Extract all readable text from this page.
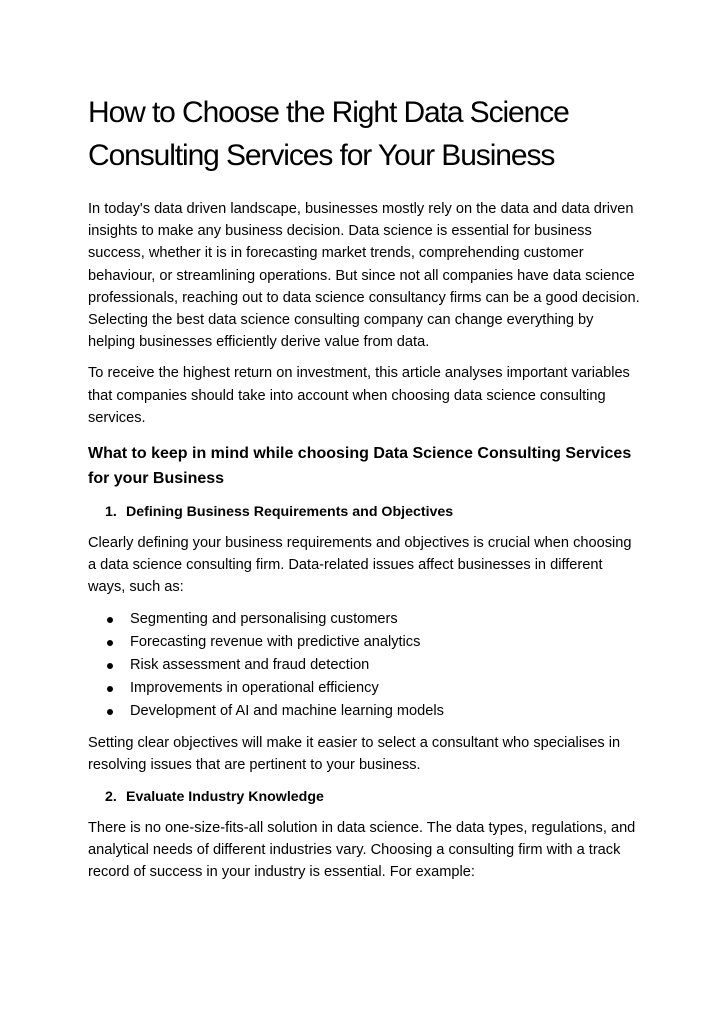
How to Choose the Right Data Science Consulting Services for Your Business

In today's data driven landscape, businesses mostly rely on the data and data driven insights to make any business decision. Data science is essential for business success, whether it is in forecasting market trends, comprehending customer behaviour, or streamlining operations. But since not all companies have data science professionals, reaching out to data science consultancy firms can be a good decision. Selecting the best data science consulting company can change everything by helping businesses efficiently derive value from data.

To receive the highest return on investment, this article analyses important variables that companies should take into account when choosing data science consulting services.

What to keep in mind while choosing Data Science Consulting Services for your Business
1. Defining Business Requirements and Objectives

Clearly defining your business requirements and objectives is crucial when choosing a data science consulting firm. Data-related issues affect businesses in different ways, such as:

Segmenting and personalising customers
Forecasting revenue with predictive analytics
Risk assessment and fraud detection
Improvements in operational efficiency
Development of AI and machine learning models

Setting clear objectives will make it easier to select a consultant who specialises in resolving issues that are pertinent to your business.

2. Evaluate Industry Knowledge

There is no one-size-fits-all solution in data science. The data types, regulations, and analytical needs of different industries vary. Choosing a consulting firm with a track record of success in your industry is essential. For example:
